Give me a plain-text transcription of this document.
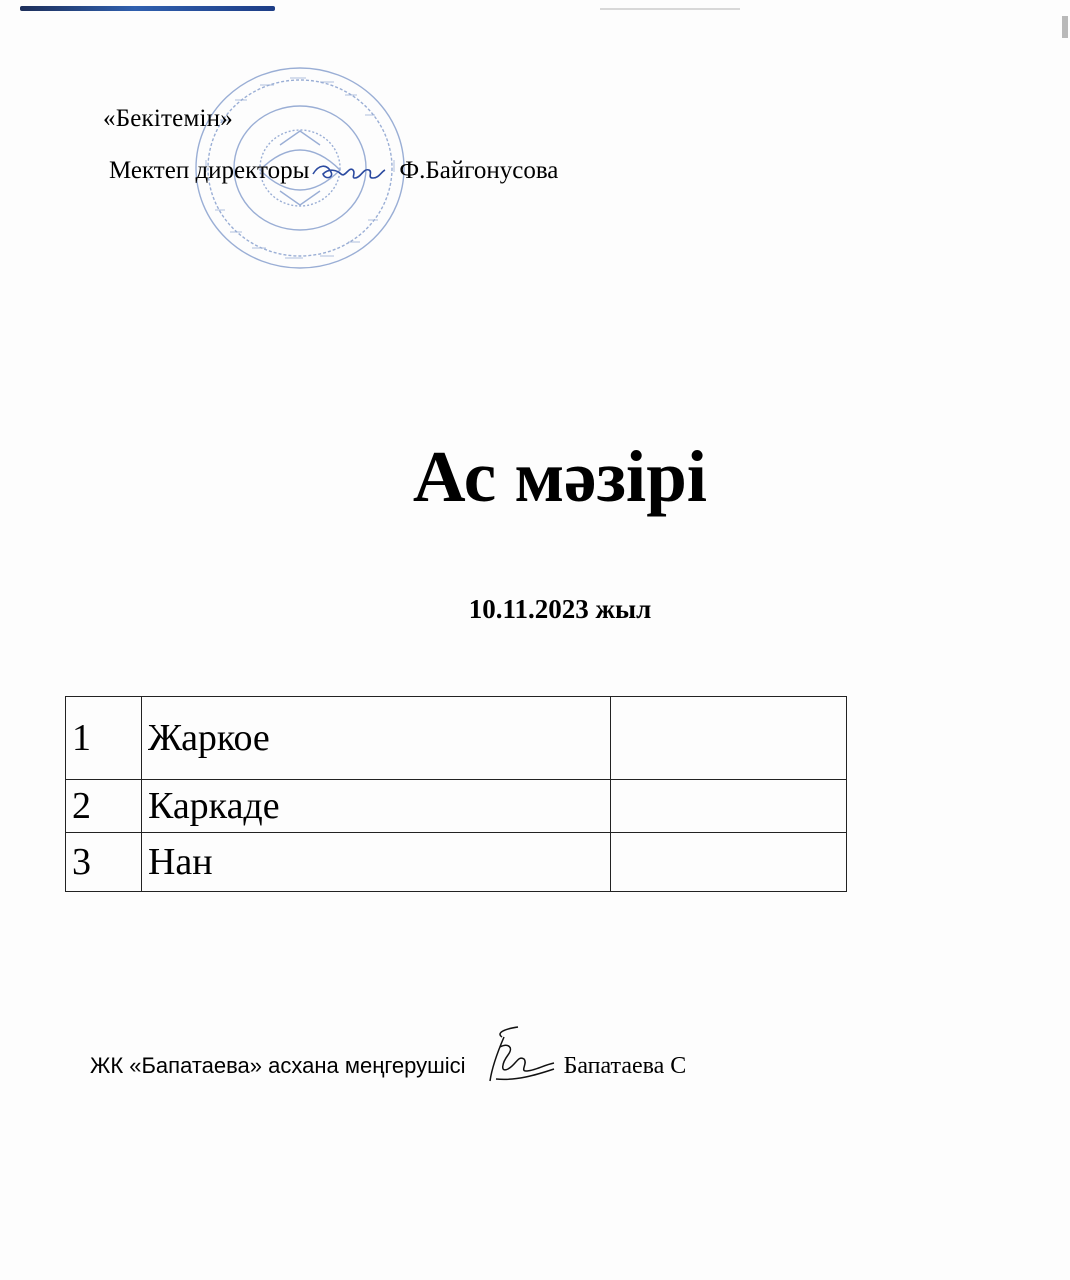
«Бекітемін»
Мектеп директоры	Ф.Байгонусова
Ас мәзірі
10.11.2023 жыл
1	Жаркое	
2	Каркаде	
3	Нан	
ЖК «Бапатаева» асхана меңгерушісі	Бапатаева С
